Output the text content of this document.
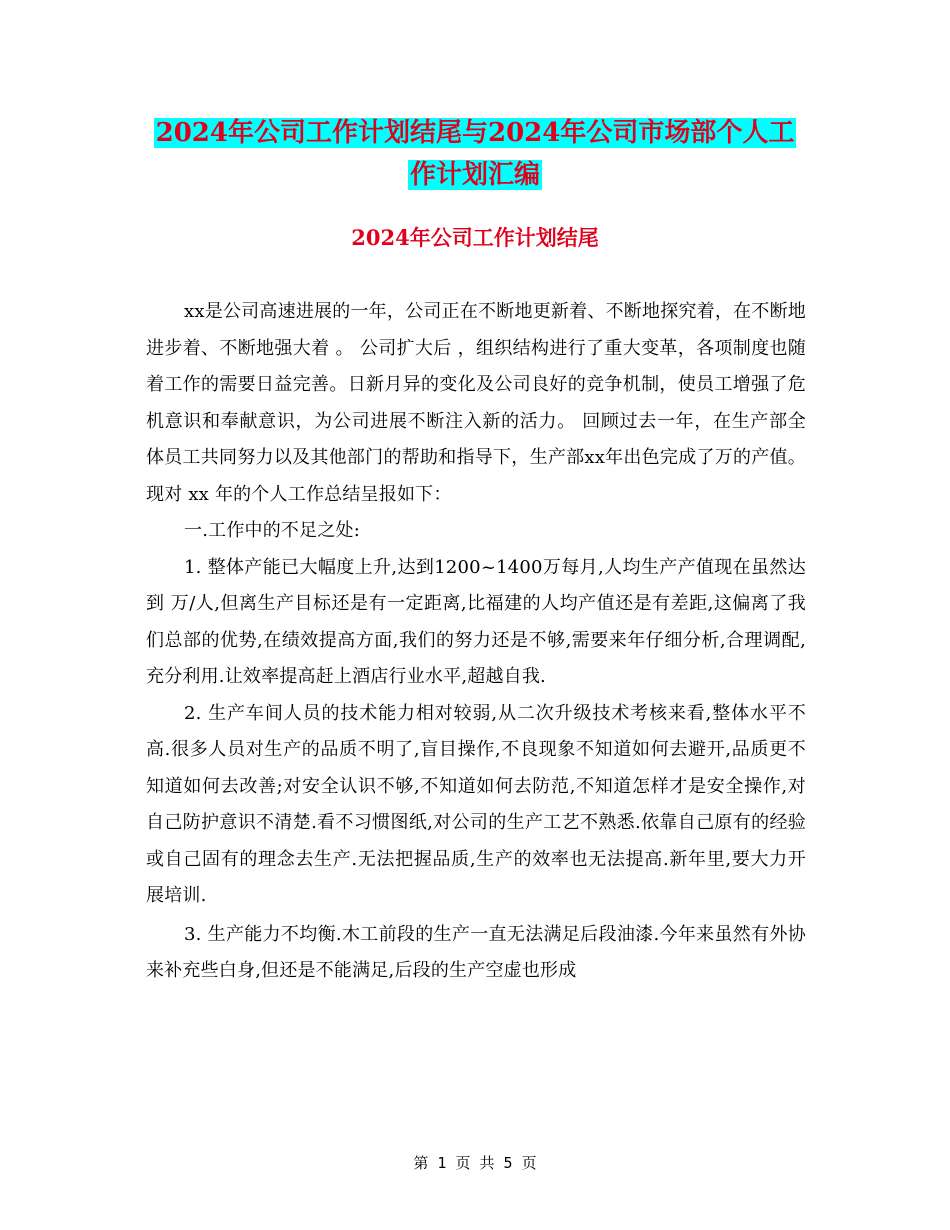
2024年公司工作计划结尾与2024年公司市场部个人工
作计划汇编
2024年公司工作计划结尾

xx是公司高速进展的一年，公司正在不断地更新着、不断地探究着，在不断地进步着、不断地强大着 。 公司扩大后 ，组织结构进行了重大变革，各项制度也随着工作的需要日益完善。日新月异的变化及公司良好的竞争机制，使员工增强了危机意识和奉献意识，为公司进展不断注入新的活力。 回顾过去一年，在生产部全体员工共同努力以及其他部门的帮助和指导下，生产部xx年出色完成了万的产值。现对 xx 年的个人工作总结呈报如下：

一.工作中的不足之处:

1. 整体产能已大幅度上升,达到1200~1400万每月,人均生产产值现在虽然达到 万/人,但离生产目标还是有一定距离,比福建的人均产值还是有差距,这偏离了我们总部的优势,在绩效提高方面,我们的努力还是不够,需要来年仔细分析,合理调配,充分利用.让效率提高赶上酒店行业水平,超越自我.

2. 生产车间人员的技术能力相对较弱,从二次升级技术考核来看,整体水平不高.很多人员对生产的品质不明了,盲目操作,不良现象不知道如何去避开,品质更不知道如何去改善;对安全认识不够,不知道如何去防范,不知道怎样才是安全操作,对自己防护意识不清楚.看不习惯图纸,对公司的生产工艺不熟悉.依靠自己原有的经验或自己固有的理念去生产.无法把握品质,生产的效率也无法提高.新年里,要大力开展培训.

3. 生产能力不均衡.木工前段的生产一直无法满足后段油漆.今年来虽然有外协来补充些白身,但还是不能满足,后段的生产空虚也形成

第 1 页 共 5 页
